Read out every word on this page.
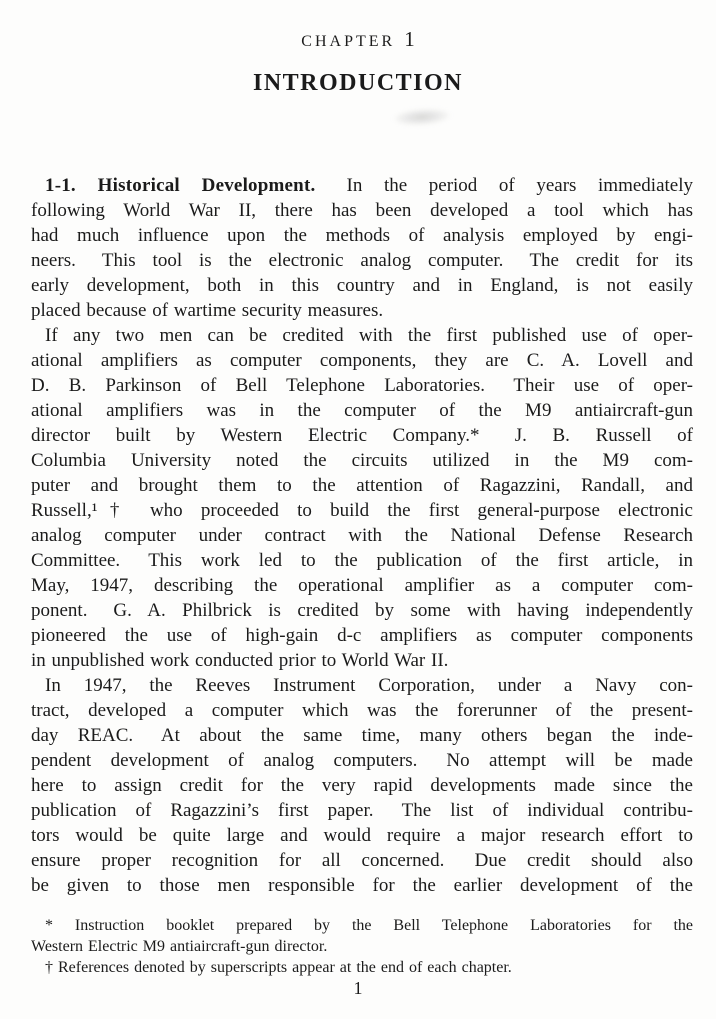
CHAPTER 1
INTRODUCTION
1-1. Historical Development.  In the period of years immediately
following World War II, there has been developed a tool which has
had much influence upon the methods of analysis employed by engi-
neers.  This tool is the electronic analog computer.  The credit for its
early development, both in this country and in England, is not easily
placed because of wartime security measures.
If any two men can be credited with the first published use of oper-
ational amplifiers as computer components, they are C. A. Lovell and
D. B. Parkinson of Bell Telephone Laboratories.  Their use of oper-
ational amplifiers was in the computer of the M9 antiaircraft-gun
director built by Western Electric Company.*  J. B. Russell of
Columbia University noted the circuits utilized in the M9 com-
puter and brought them to the attention of Ragazzini, Randall, and
Russell,¹† who proceeded to build the first general-purpose electronic
analog computer under contract with the National Defense Research
Committee.  This work led to the publication of the first article, in
May, 1947, describing the operational amplifier as a computer com-
ponent.  G. A. Philbrick is credited by some with having independently
pioneered the use of high-gain d-c amplifiers as computer components
in unpublished work conducted prior to World War II.
In 1947, the Reeves Instrument Corporation, under a Navy con-
tract, developed a computer which was the forerunner of the present-
day REAC.  At about the same time, many others began the inde-
pendent development of analog computers.  No attempt will be made
here to assign credit for the very rapid developments made since the
publication of Ragazzini’s first paper.  The list of individual contribu-
tors would be quite large and would require a major research effort to
ensure proper recognition for all concerned.  Due credit should also
be given to those men responsible for the earlier development of the
* Instruction booklet prepared by the Bell Telephone Laboratories for the
Western Electric M9 antiaircraft-gun director.
† References denoted by superscripts appear at the end of each chapter.
1
